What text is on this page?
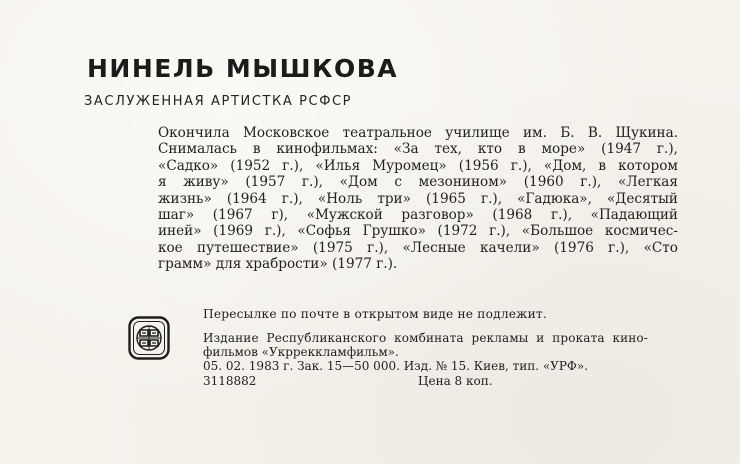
НИНЕЛЬ МЫШКОВА
ЗАСЛУЖЕННАЯ АРТИСТКА РСФСР
Окончила Московское театральное училище им. Б. В. Щукина.
Снималась в кинофильмах: «За тех, кто в море» (1947 г.),
«Садко» (1952 г.), «Илья Муромец» (1956 г.), «Дом, в котором
я живу» (1957 г.), «Дом с мезонином» (1960 г.), «Легкая
жизнь» (1964 г.), «Ноль три» (1965 г.), «Гадюка», «Десятый
шаг» (1967 г), «Мужской разговор» (1968 г.), «Падающий
иней» (1969 г.), «Софья Грушко» (1972 г.), «Большое космичес-
кое путешествие» (1975 г.), «Лесные качели» (1976 г.), «Сто
грамм» для храбрости» (1977 г.).
Пересылке по почте в открытом виде не подлежит.
Издание Республиканского комбината рекламы и проката кино-
фильмов «Укрреккламфильм».
05. 02. 1983 г. Зак. 15—50 000. Изд. № 15. Киев, тип. «УРФ».
3118882	Цена 8 коп.
